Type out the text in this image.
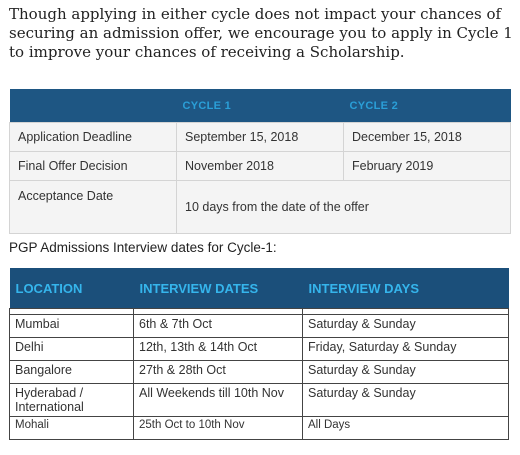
Though applying in either cycle does not impact your chances of securing an admission offer, we encourage you to apply in Cycle 1 to improve your chances of receiving a Scholarship.

	CYCLE 1	CYCLE 2
Application Deadline	September 15, 2018	December 15, 2018
Final Offer Decision	November 2018	February 2019
Acceptance Date	10 days from the date of the offer	

PGP Admissions Interview dates for Cycle-1:

LOCATION	INTERVIEW DATES	INTERVIEW DAYS

Mumbai	6th & 7th Oct	Saturday & Sunday
Delhi	12th, 13th & 14th Oct	Friday, Saturday & Sunday
Bangalore	27th & 28th Oct	Saturday & Sunday
Hyderabad / International	All Weekends till 10th Nov	Saturday & Sunday
Mohali	25th Oct to 10th Nov	All Days
